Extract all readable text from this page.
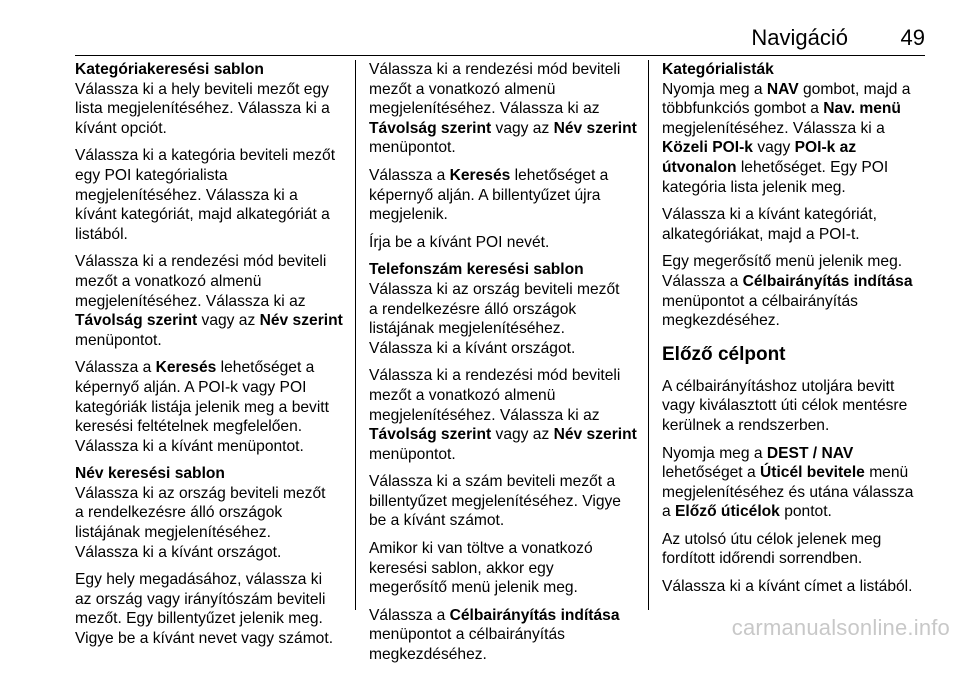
Navigáció 49
Kategóriakeresési sablon
Válassza ki a hely beviteli mezőt egy
lista megjelenítéséhez. Válassza ki a
kívánt opciót.
Válassza ki a kategória beviteli mezőt
egy POI kategórialista
megjelenítéséhez. Válassza ki a
kívánt kategóriát, majd alkategóriát a
listából.
Válassza ki a rendezési mód beviteli
mezőt a vonatkozó almenü
megjelenítéséhez. Válassza ki az
Távolság szerint vagy az Név szerint
menüpontot.
Válassza a Keresés lehetőséget a
képernyő alján. A POI-k vagy POI
kategóriák listája jelenik meg a bevitt
keresési feltételnek megfelelően.
Válassza ki a kívánt menüpontot.
Név keresési sablon
Válassza ki az ország beviteli mezőt
a rendelkezésre álló országok
listájának megjelenítéséhez.
Válassza ki a kívánt országot.
Egy hely megadásához, válassza ki
az ország vagy irányítószám beviteli
mezőt. Egy billentyűzet jelenik meg.
Vigye be a kívánt nevet vagy számot.
Válassza ki a rendezési mód beviteli
mezőt a vonatkozó almenü
megjelenítéséhez. Válassza ki az
Távolság szerint vagy az Név szerint
menüpontot.
Válassza a Keresés lehetőséget a
képernyő alján. A billentyűzet újra
megjelenik.
Írja be a kívánt POI nevét.
Telefonszám keresési sablon
Válassza ki az ország beviteli mezőt
a rendelkezésre álló országok
listájának megjelenítéséhez.
Válassza ki a kívánt országot.
Válassza ki a rendezési mód beviteli
mezőt a vonatkozó almenü
megjelenítéséhez. Válassza ki az
Távolság szerint vagy az Név szerint
menüpontot.
Válassza ki a szám beviteli mezőt a
billentyűzet megjelenítéséhez. Vigye
be a kívánt számot.
Amikor ki van töltve a vonatkozó
keresési sablon, akkor egy
megerősítő menü jelenik meg.
Válassza a Célbairányítás indítása
menüpontot a célbairányítás
megkezdéséhez.
Kategórialisták
Nyomja meg a NAV gombot, majd a
többfunkciós gombot a Nav. menü
megjelenítéséhez. Válassza ki a
Közeli POI-k vagy POI-k az
útvonalon lehetőséget. Egy POI
kategória lista jelenik meg.
Válassza ki a kívánt kategóriát,
alkategóriákat, majd a POI-t.
Egy megerősítő menü jelenik meg.
Válassza a Célbairányítás indítása
menüpontot a célbairányítás
megkezdéséhez.
Előző célpont
A célbairányításhoz utoljára bevitt
vagy kiválasztott úti célok mentésre
kerülnek a rendszerben.
Nyomja meg a DEST / NAV
lehetőséget a Úticél bevitele menü
megjelenítéséhez és utána válassza
a Előző úticélok pontot.
Az utolsó útu célok jelenek meg
fordított időrendi sorrendben.
Válassza ki a kívánt címet a listából.
carmanualsonline.info
